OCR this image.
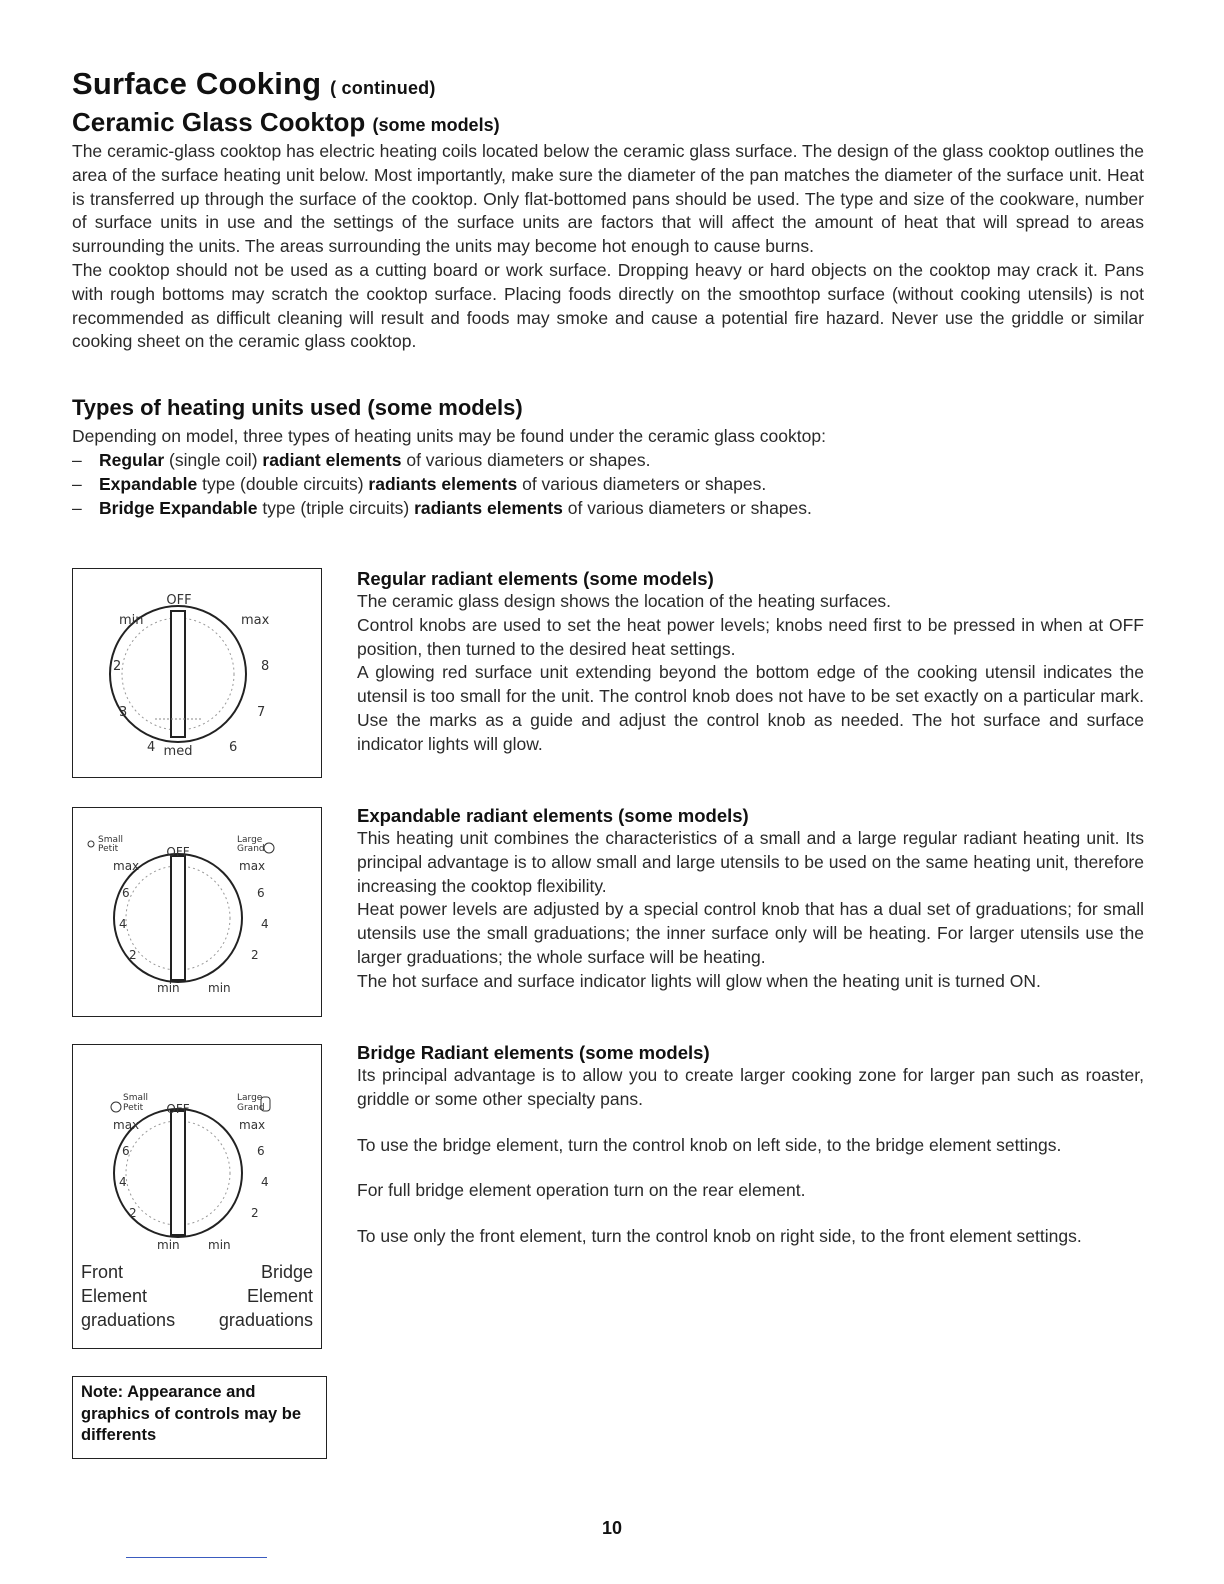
Surface Cooking ( continued)
Ceramic Glass Cooktop (some models)

The ceramic-glass cooktop has electric heating coils located below the ceramic glass surface. The design of the glass cooktop outlines the area of the surface heating unit below. Most importantly, make sure the diameter of the pan matches the diameter of the surface unit. Heat is transferred up through the surface of the cooktop. Only flat-bottomed pans should be used. The type and size of the cookware, number of surface units in use and the settings of the surface units are factors that will affect the amount of heat that will spread to areas surrounding the units. The areas surrounding the units may become hot enough to cause burns.

The cooktop should not be used as a cutting board or work surface. Dropping heavy or hard objects on the cooktop may crack it. Pans with rough bottoms may scratch the cooktop surface. Placing foods directly on the smoothtop surface (without cooking utensils) is not recommended as difficult cleaning will result and foods may smoke and cause a potential fire hazard. Never use the griddle or similar cooking sheet on the ceramic glass cooktop.

Types of heating units used (some models)
Depending on model, three types of heating units may be found under the ceramic glass cooktop:
– Regular (single coil) radiant elements of various diameters or shapes.
– Expandable type (double circuits) radiants elements of various diameters or shapes.
– Bridge Expandable type (triple circuits) radiants elements of various diameters or shapes.
OFF
min	max
2	8
3	7
4	6
med
Regular radiant elements (some models)

The ceramic glass design shows the location of the heating surfaces.

Control knobs are used to set the heat power levels; knobs need first to be pressed in when at OFF position, then turned to the desired heat settings.

A glowing red surface unit extending beyond the bottom edge of the cooking utensil indicates the utensil is too small for the unit. The control knob does not have to be set exactly on a particular mark. Use the marks as a guide and adjust the control knob as needed. The hot surface and surface indicator lights will glow.

Small
Petit
Large
Grand
OFF
max	max
6
4
2
6
4
2
min min
Expandable radiant elements (some models)

This heating unit combines the characteristics of a small and a large regular radiant heating unit. Its principal advantage is to allow small and large utensils to be used on the same heating unit, therefore increasing the cooktop flexibility.

Heat power levels are adjusted by a special control knob that has a dual set of graduations; for small utensils use the small graduations; the inner surface only will be heating. For larger utensils use the larger graduations; the whole surface will be heating.

The hot surface and surface indicator lights will glow when the heating unit is turned ON.

Small
Petit
Large
Grand
OFF
max	max
6
4
2
6
4
2
min min
Front	Bridge
Element	Element
graduations graduations
Bridge Radiant elements (some models)

Its principal advantage is to allow you to create larger cooking zone for larger pan such as roaster, griddle or some other specialty pans.

To use the bridge element, turn the control knob on left side, to the bridge element settings.

For full bridge element operation turn on the rear element.

To use only the front element, turn the control knob on right side, to the front element settings.

Note: Appearance and graphics of controls may be differents
10
